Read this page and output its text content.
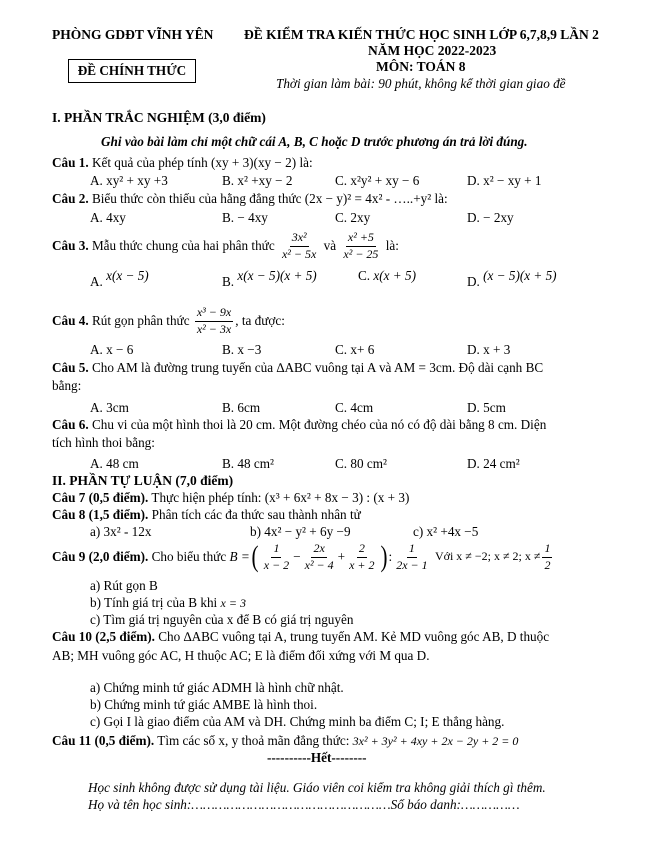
PHÒNG GDĐT VĨNH YÊN ĐỀ KIỂM TRA KIẾN THỨC HỌC SINH LỚP 6,7,8,9 LẦN 2
NĂM HỌC 2022-2023
ĐỀ CHÍNH THỨC	MÔN: TOÁN 8
Thời gian làm bài: 90 phút, không kể thời gian giao đề
I. PHẦN TRẮC NGHIỆM (3,0 điểm)
Ghi vào bài làm chỉ một chữ cái A, B, C hoặc D trước phương án trả lời đúng.
Câu 1. Kết quả của phép tính (xy + 3)(xy − 2) là:
A. xy² + xy +3	B. x² +xy − 2	C. x²y² + xy − 6	D. x² − xy + 1
Câu 2. Biểu thức còn thiếu của hằng đẳng thức (2x − y)² = 4x² - …..+y² là:
A. 4xy	B. − 4xy	C. 2xy	D. − 2xy
Câu 3.
Mẫu thức chung của hai phân thức
$\frac{\text{3x²}}{\text{x² − 5x}}$
và
$\frac{\text{x² +5}}{\text{x² − 25}}$
là:
A. x(x − 5)	B. x(x − 5)(x + 5)	C. x(x + 5)	D. (x − 5)(x + 5)
Câu 4.
Rút gọn phân thức
$\frac{\text{x³ − 9x}}{\text{x² − 3x}}$ , ta được:
A. x − 6	B. x −3	C. x+ 6	D. x + 3
Câu 5. Cho AM là đường trung tuyến của ∆ABC vuông tại A và AM = 3cm. Độ dài cạnh BC
bằng:
A. 3cm	B. 6cm	C. 4cm	D. 5cm
Câu 6. Chu vi của một hình thoi là 20 cm. Một đường chéo của nó có độ dài bằng 8 cm. Diện
tích hình thoi bằng:
A. 48 cm	B. 48 cm²	C. 80 cm²	D. 24 cm²
II. PHẦN TỰ LUẬN (7,0 điểm)
Câu 7 (0,5 điểm). Thực hiện phép tính: (x³ + 6x² + 8x − 3) : (x + 3)
Câu 8 (1,5 điểm). Phân tích các đa thức sau thành nhân tử
a) 3x² - 12x	b) 4x² − y² + 6y −9	c) x² +4x −5
Câu 9 (2,0 điểm).
Cho biểu thức
B = ( $\frac{1}{x - 2} - \frac{2x}{\text{x² − 4}} + \frac{2}{x + 2}$ ) : $\frac{1}{2x - 1}$
Với x ≠ −2; x ≠ 2; $x \ne \frac{1}{2}$
a) Rút gọn B
b) Tính giá trị của B khi x = 3
c) Tìm giá trị nguyên của x để B có giá trị nguyên
Câu 10 (2,5 điểm). Cho ∆ABC vuông tại A, trung tuyến AM. Kẻ MD vuông góc AB, D thuộc
AB; MH vuông góc AC, H thuộc AC; E là điểm đối xứng với M qua D.
a) Chứng minh tứ giác ADMH là hình chữ nhật.
b) Chứng minh tứ giác AMBE là hình thoi.
c) Gọi I là giao điểm của AM và DH. Chứng minh ba điểm C; I; E thẳng hàng.
Câu 11 (0,5 điểm). Tìm các số x, y thoả mãn đẳng thức: 3x² + 3y² + 4xy + 2x − 2y + 2 = 0
----------Hết--------
Học sinh không được sử dụng tài liệu. Giáo viên coi kiểm tra không giải thích gì thêm.
Họ và tên học sinh:……………………………………………Số báo danh:……………
